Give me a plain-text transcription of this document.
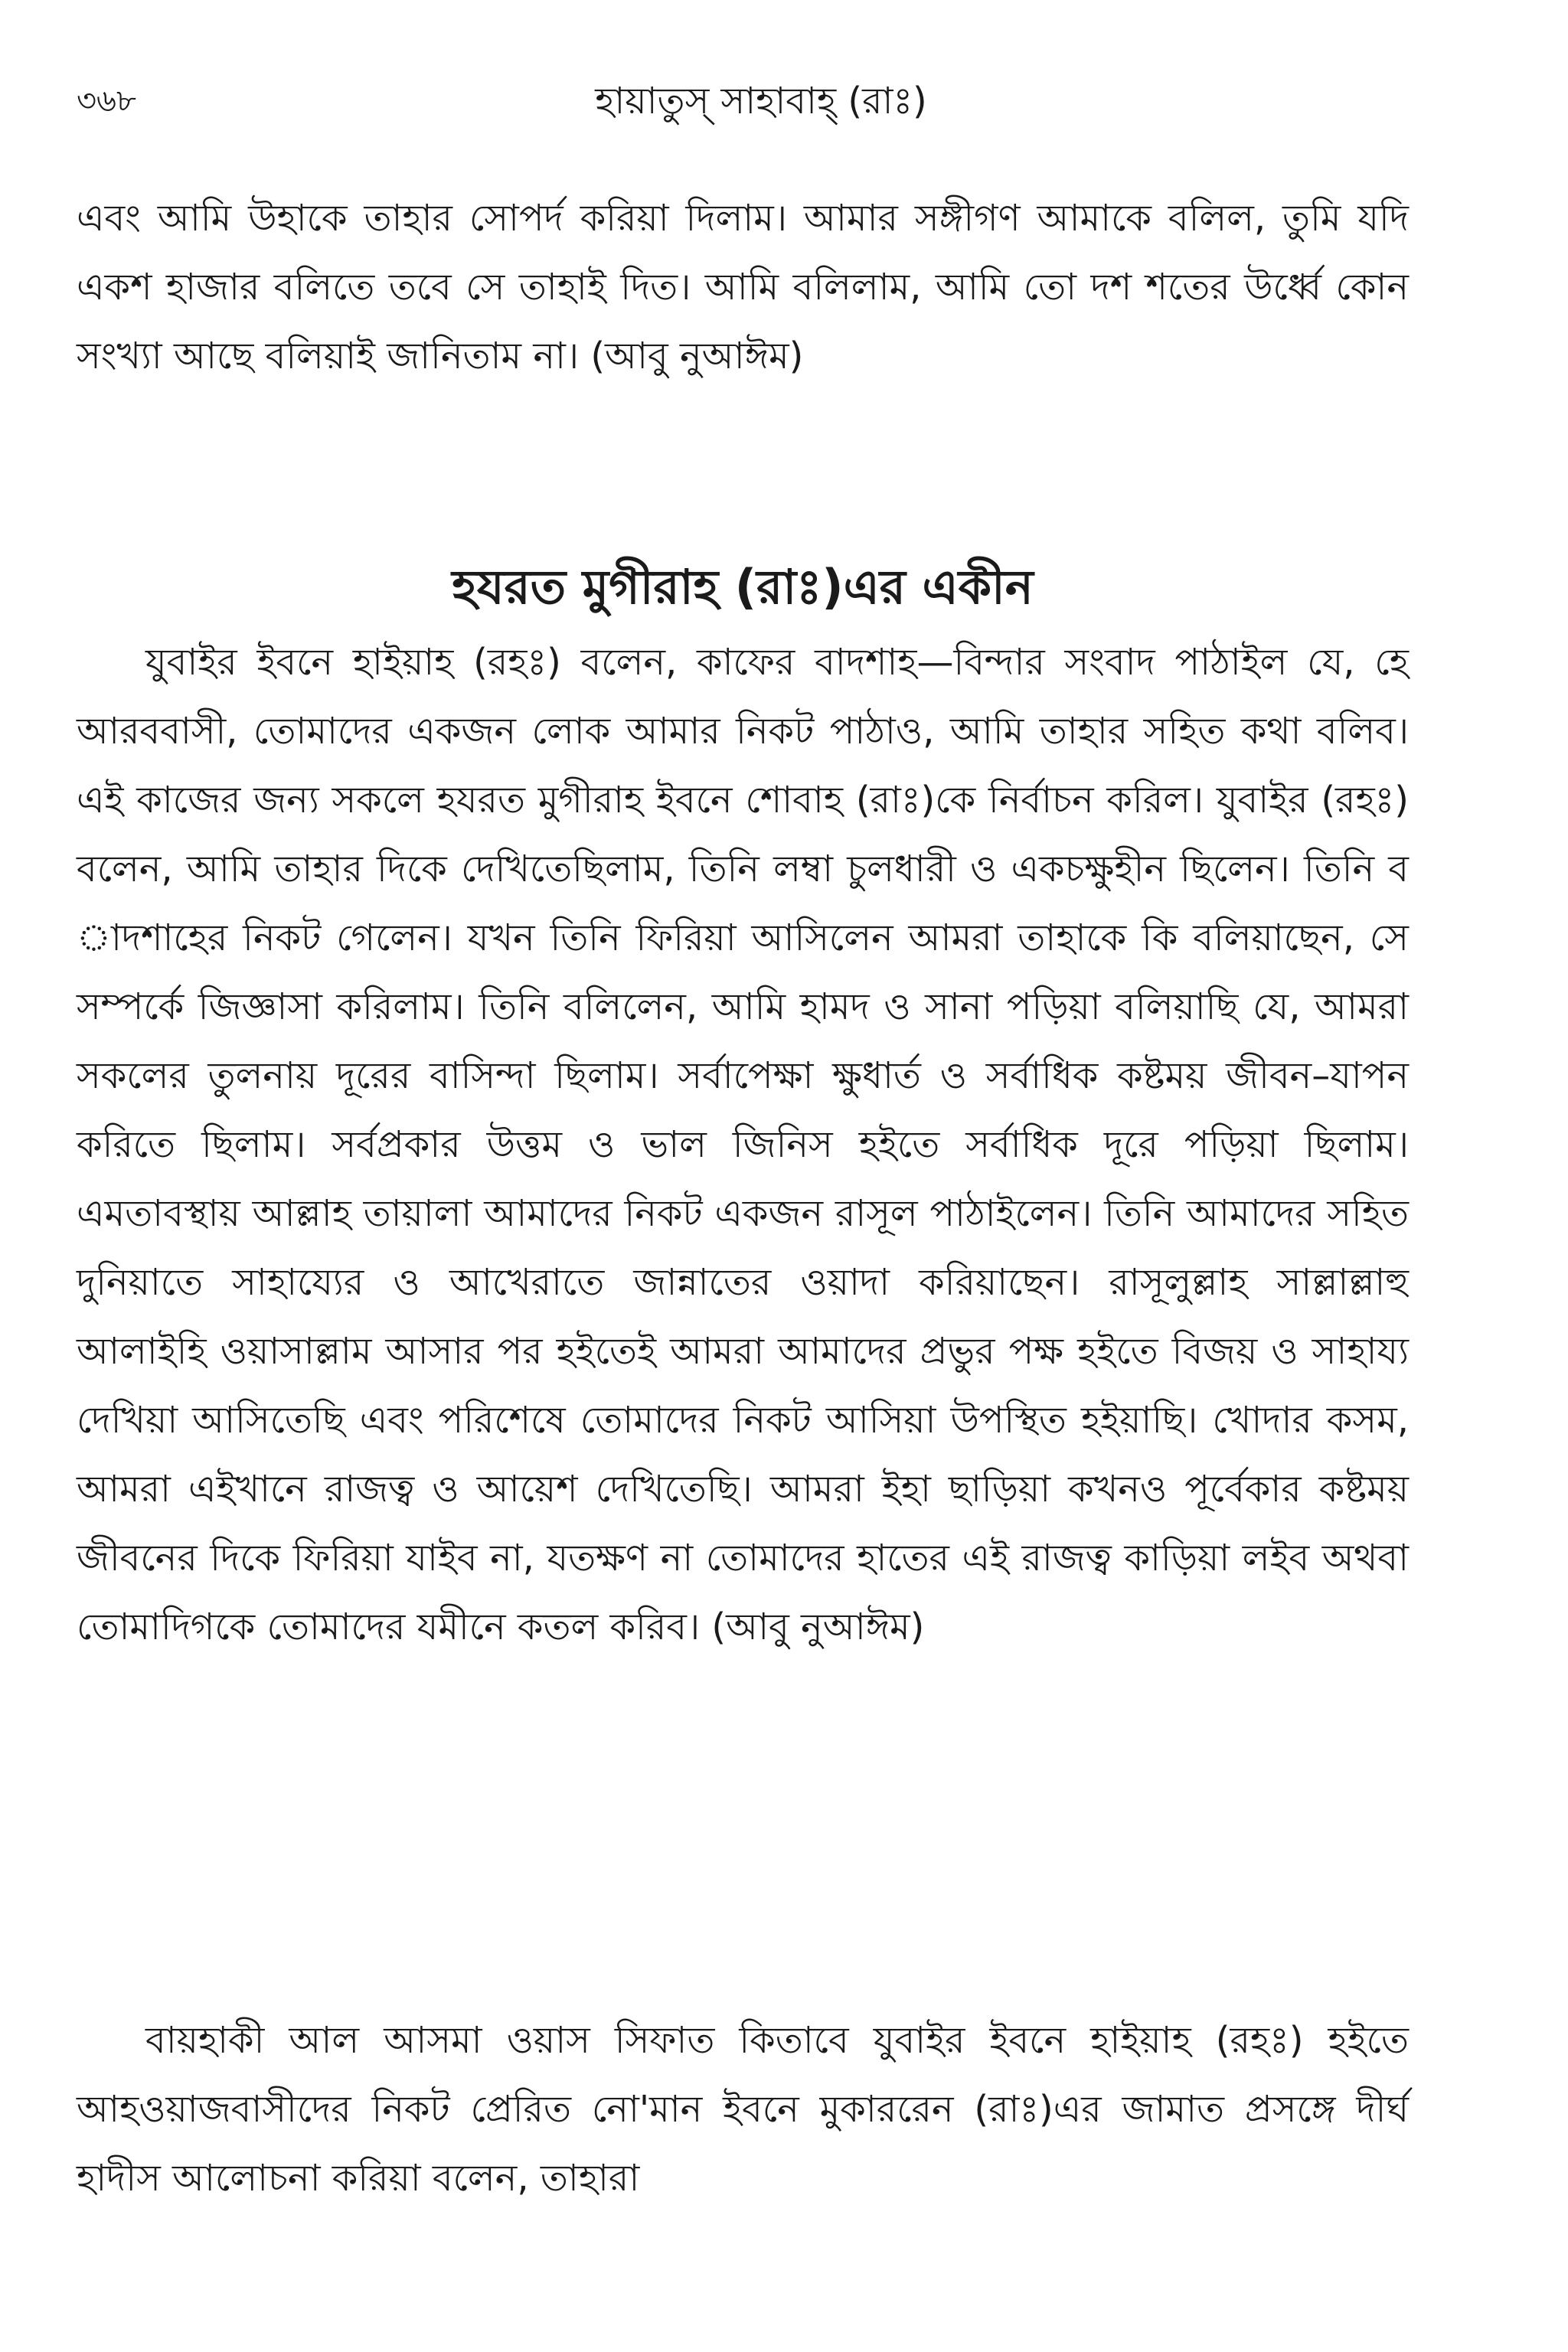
৩৬৮	হায়াতুস্ সাহাবাহ্ (রাঃ)

এবং আমি উহাকে তাহার সোপর্দ করিয়া দিলাম। আমার সঙ্গীগণ আমাকে বলিল, তুমি যদি একশ হাজার বলিতে তবে সে তাহাই দিত। আমি বলিলাম, আমি তো দশ শতের উর্ধ্বে কোন সংখ্যা আছে বলিয়াই জানিতাম না। (আবু নুআঈম)

হযরত মুগীরাহ (রাঃ)এর একীন

যুবাইর ইবনে হাইয়াহ (রহঃ) বলেন, কাফের বাদশাহ—বিন্দার সংবাদ পাঠাইল যে, হে আরববাসী, তোমাদের একজন লোক আমার নিকট পাঠাও, আমি তাহার সহিত কথা বলিব। এই কাজের জন্য সকলে হযরত মুগীরাহ ইবনে শোবাহ (রাঃ)কে নির্বাচন করিল। যুবাইর (রহঃ) বলেন, আমি তাহার দিকে দেখিতেছিলাম, তিনি লম্বা চুলধারী ও একচক্ষুহীন ছিলেন। তিনি ব াদশাহের নিকট গেলেন। যখন তিনি ফিরিয়া আসিলেন আমরা তাহাকে কি বলিয়াছেন, সে সম্পর্কে জিজ্ঞাসা করিলাম। তিনি বলিলেন, আমি হামদ ও সানা পড়িয়া বলিয়াছি যে, আমরা সকলের তুলনায় দূরের বাসিন্দা ছিলাম। সর্বাপেক্ষা ক্ষুধার্ত ও সর্বাধিক কষ্টময় জীবন–যাপন করিতে ছিলাম। সর্বপ্রকার উত্তম ও ভাল জিনিস হইতে সর্বাধিক দূরে পড়িয়া ছিলাম। এমতাবস্থায় আল্লাহ তায়ালা আমাদের নিকট একজন রাসূল পাঠাইলেন। তিনি আমাদের সহিত দুনিয়াতে সাহায্যের ও আখেরাতে জান্নাতের ওয়াদা করিয়াছেন। রাসূলুল্লাহ সাল্লাল্লাহু আলাইহি ওয়াসাল্লাম আসার পর হইতেই আমরা আমাদের প্রভুর পক্ষ হইতে বিজয় ও সাহায্য দেখিয়া আসিতেছি এবং পরিশেষে তোমাদের নিকট আসিয়া উপস্থিত হইয়াছি। খোদার কসম, আমরা এইখানে রাজত্ব ও আয়েশ দেখিতেছি। আমরা ইহা ছাড়িয়া কখনও পূর্বেকার কষ্টময় জীবনের দিকে ফিরিয়া যাইব না, যতক্ষণ না তোমাদের হাতের এই রাজত্ব কাড়িয়া লইব অথবা তোমাদিগকে তোমাদের যমীনে কতল করিব। (আবু নুআঈম)

বায়হাকী আল আসমা ওয়াস সিফাত কিতাবে যুবাইর ইবনে হাইয়াহ (রহঃ) হইতে আহওয়াজবাসীদের নিকট প্রেরিত নো'মান ইবনে মুকাররেন (রাঃ)এর জামাত প্রসঙ্গে দীর্ঘ হাদীস আলোচনা করিয়া বলেন, তাহারা
